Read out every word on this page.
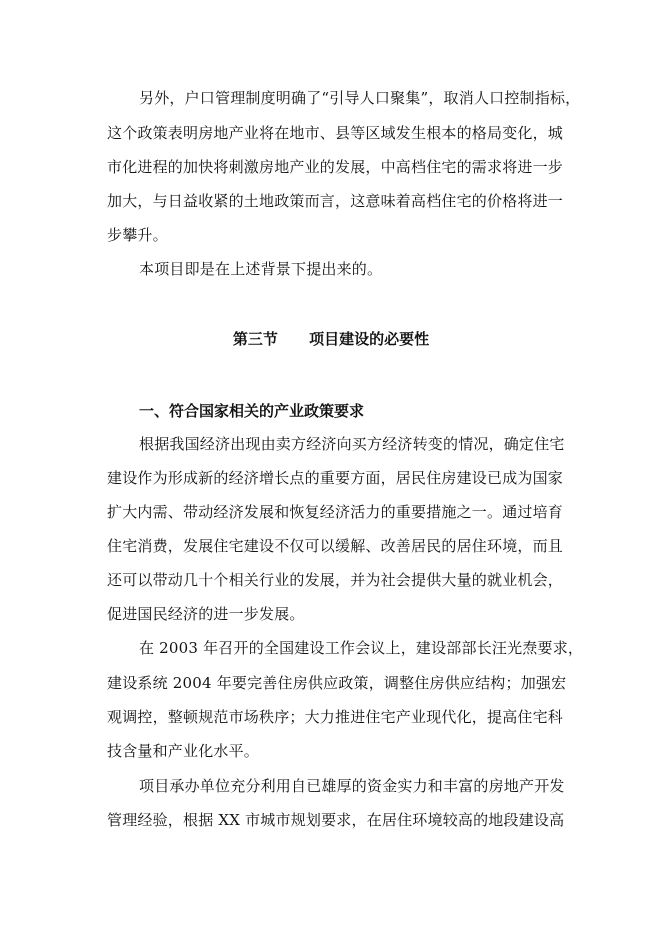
另外，户口管理制度明确了“引导人口聚集”，取消人口控制指标，
这个政策表明房地产业将在地市、县等区域发生根本的格局变化，城
市化进程的加快将刺激房地产业的发展，中高档住宅的需求将进一步
加大，与日益收紧的土地政策而言，这意味着高档住宅的价格将进一
步攀升。
本项目即是在上述背景下提出来的。
第三节      项目建设的必要性
一、符合国家相关的产业政策要求
根据我国经济出现由卖方经济向买方经济转变的情况，确定住宅
建设作为形成新的经济增长点的重要方面，居民住房建设已成为国家
扩大内需、带动经济发展和恢复经济活力的重要措施之一。通过培育
住宅消费，发展住宅建设不仅可以缓解、改善居民的居住环境，而且
还可以带动几十个相关行业的发展，并为社会提供大量的就业机会，
促进国民经济的进一步发展。
在 2003 年召开的全国建设工作会议上，建设部部长汪光焘要求，
建设系统 2004 年要完善住房供应政策，调整住房供应结构；加强宏
观调控，整顿规范市场秩序；大力推进住宅产业现代化，提高住宅科
技含量和产业化水平。
项目承办单位充分利用自已雄厚的资金实力和丰富的房地产开发
管理经验，根据 XX 市城市规划要求，在居住环境较高的地段建设高
